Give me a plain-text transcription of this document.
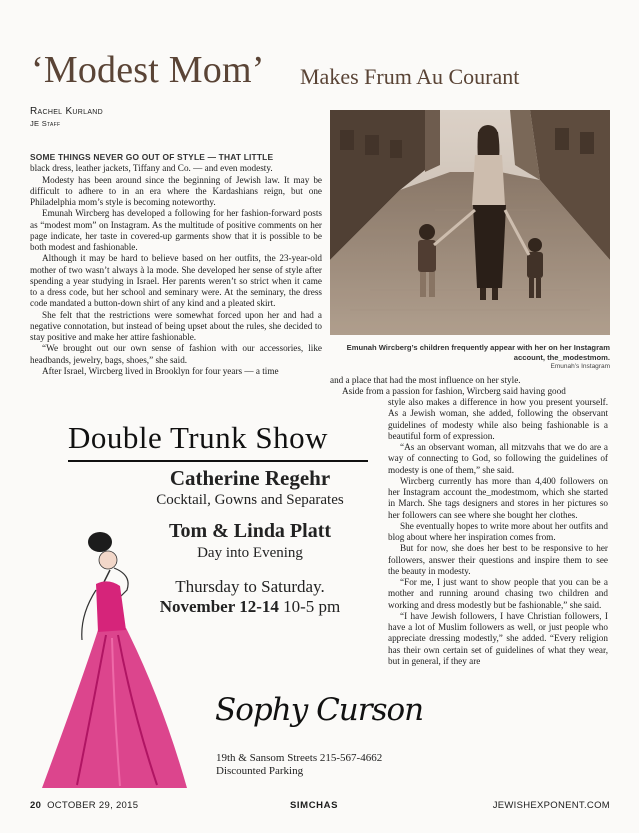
‘Modest Mom’ Makes Frum Au Courant
Rachel Kurland
JE Staff
Emunah Wircberg’s children frequently appear with her on her Instagram account, the_modestmom.
Emunah’s Instagram

SOME THINGS NEVER GO OUT OF STYLE — THAT LITTLE
black dress, leather jackets, Tiffany and Co. — and even modesty.

Modesty has been around since the beginning of Jewish law. It may be difficult to adhere to in an era where the Kardashians reign, but one Philadelphia mom’s style is becoming noteworthy.

Emunah Wircberg has developed a following for her fashion-forward posts as “modest mom” on Instagram. As the multitude of positive comments on her page indicate, her taste in covered-up garments show that it is possible to be both modest and fashionable.

Although it may be hard to believe based on her outfits, the 23-year-old mother of two wasn’t always à la mode. She developed her sense of style after spending a year studying in Israel. Her parents weren’t so strict when it came to a dress code, but her school and seminary were. At the seminary, the dress code mandated a button-down shirt of any kind and a pleated skirt.

She felt that the restrictions were somewhat forced upon her and had a negative connotation, but instead of being upset about the rules, she decided to stay positive and make her attire fashionable.

“We brought out our own sense of fashion with our accessories, like headbands, jewelry, bags, shoes,” she said.

After Israel, Wircberg lived in Brooklyn for four years — a time

and a place that had the most influence on her style.

Aside from a passion for fashion, Wircberg said having good

style also makes a difference in how you present yourself. As a Jewish woman, she added, following the observant guidelines of modesty while also being fashionable is a beautiful form of expression.

“As an observant woman, all mitzvahs that we do are a way of connecting to God, so following the guidelines of modesty is one of them,” she said.

Wircberg currently has more than 4,400 followers on her Instagram account the_modestmom, which she started in March. She tags designers and stores in her pictures so her followers can see where she bought her clothes.

She eventually hopes to write more about her outfits and blog about where her inspiration comes from.

But for now, she does her best to be responsive to her followers, answer their questions and inspire them to see the beauty in modesty.

“For me, I just want to show people that you can be a mother and running around chasing two children and working and dress modestly but be fashionable,” she said.

“I have Jewish followers, I have Christian followers, I have a lot of Muslim followers as well, or just people who appreciate dressing modestly,” she added. “Every religion has their own certain set of guidelines of what they wear, but in general, if they are

Double Trunk Show
Catherine Regehr
Cocktail, Gowns and Separates
Tom & Linda Platt
Day into Evening
Thursday to Saturday.
November 12-14 10-5 pm
Sophy Curson
19th & Sansom Streets 215-567-4662
Discounted Parking
20 OCTOBER 29, 2015	SIMCHAS	JEWISHEXPONENT.COM
